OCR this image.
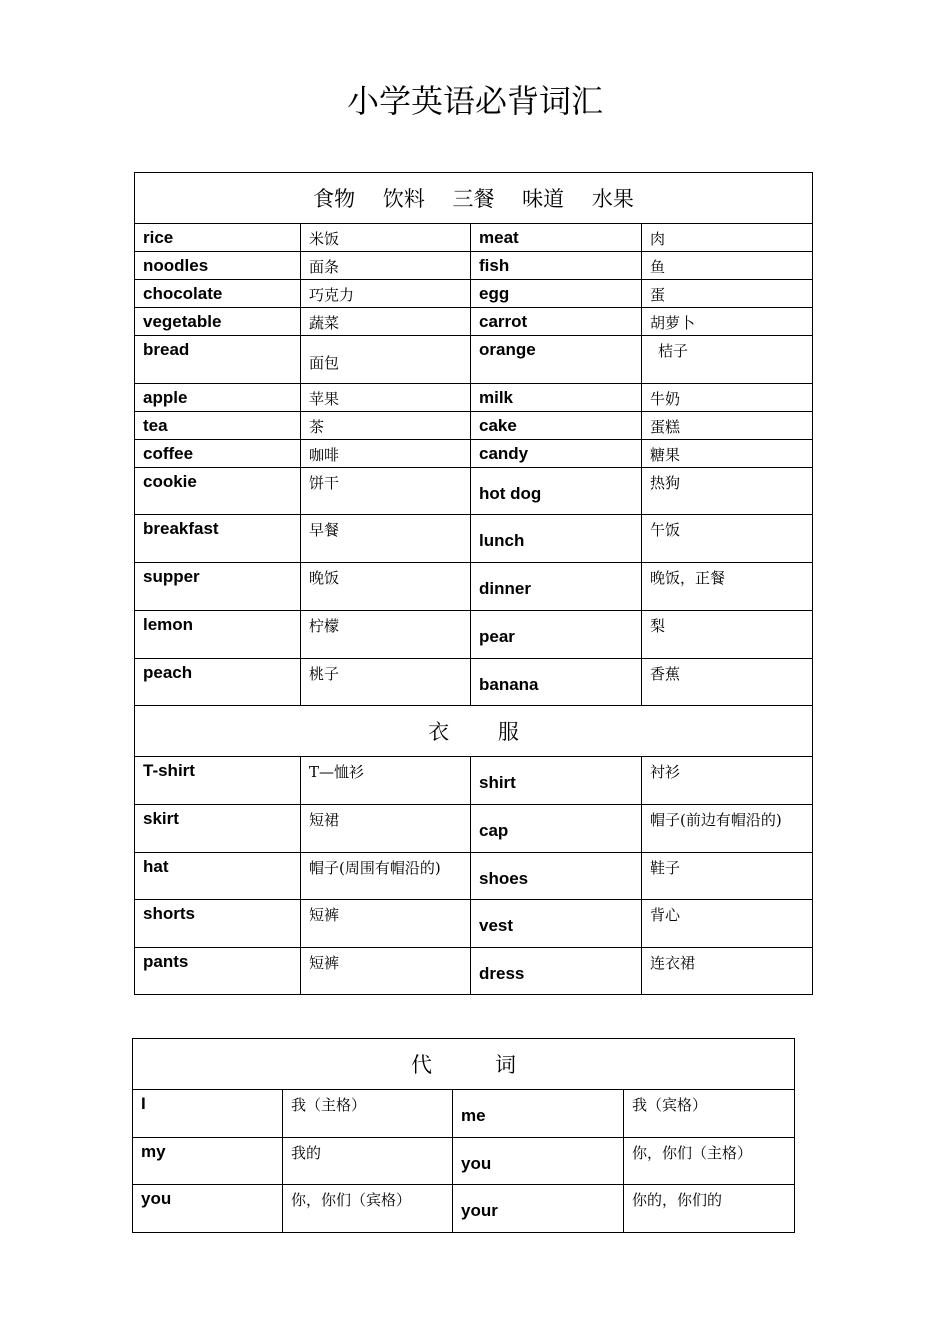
小学英语必背词汇
食物　 饮料　 三餐　 味道　 水果			
rice	米饭	meat	肉
noodles	面条	fish	鱼
chocolate	巧克力	egg	蛋
vegetable	蔬菜	carrot	胡萝卜
bread	面包	orange	桔子
apple	苹果	milk	牛奶
tea	茶	cake	蛋糕
coffee	咖啡	candy	糖果
cookie	饼干	hot dog	热狗
breakfast	早餐	lunch	午饭
supper	晚饭	dinner	晚饭，正餐
lemon	柠檬	pear	梨
peach	桃子	banana	香蕉
衣　　 服			
T-shirt	T—恤衫	shirt	衬衫
skirt	短裙	cap	帽子(前边有帽沿的)
hat	帽子(周围有帽沿的)	shoes	鞋子
shorts	短裤	vest	背心
pants	短裤	dress	连衣裙
代　　　词			
I	我（主格）	me	我（宾格）
my	我的	you	你，你们（主格）
you	你，你们（宾格）	your	你的，你们的
